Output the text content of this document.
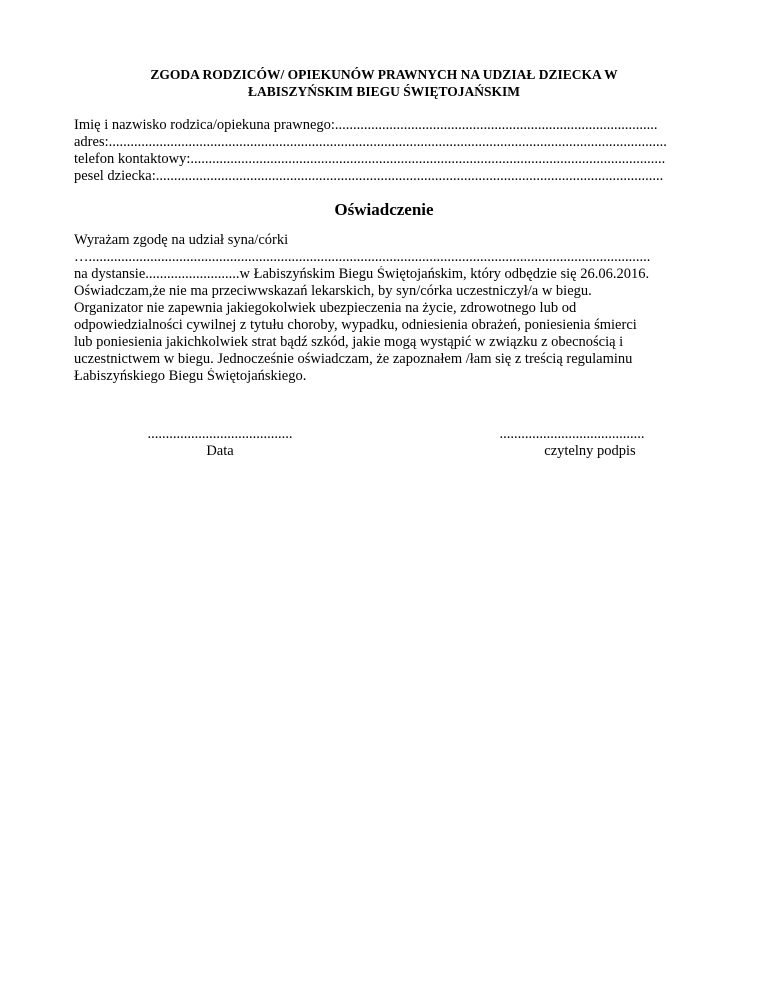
ZGODA RODZICÓW/ OPIEKUNÓW PRAWNYCH NA UDZIAŁ DZIECKA W
ŁABISZYŃSKIM BIEGU ŚWIĘTOJAŃSKIM
Imię i nazwisko rodzica/opiekuna prawnego:.........................................................................................
adres:..........................................................................................................................................................
telefon kontaktowy:...................................................................................................................................
pesel dziecka:............................................................................................................................................
Oświadczenie
Wyrażam zgodę na udział syna/córki
…...........................................................................................................................................................
na dystansie..........................w Łabiszyńskim Biegu Świętojańskim, który odbędzie się 26.06.2016.
Oświadczam,że nie ma przeciwwskazań lekarskich, by syn/córka uczestniczył/a w biegu.
Organizator nie zapewnia jakiegokolwiek ubezpieczenia na życie, zdrowotnego lub od
odpowiedzialności cywilnej z tytułu choroby, wypadku, odniesienia obrażeń, poniesienia śmierci
lub poniesienia jakichkolwiek strat bądź szkód, jakie mogą wystąpić w związku z obecnością i
uczestnictwem w biegu. Jednocześnie oświadczam, że zapoznałem /łam się z treścią regulaminu
Łabiszyńskiego Biegu Świętojańskiego.
........................................	........................................
Data	czytelny podpis
